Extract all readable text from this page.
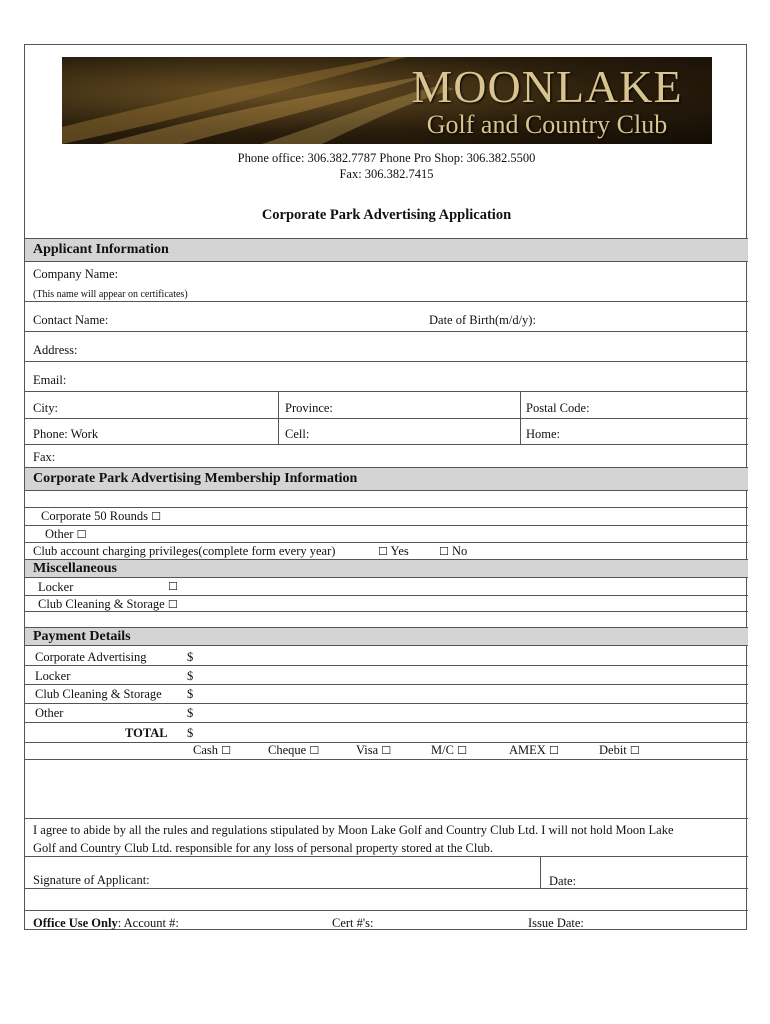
MOONLAKE
Golf and Country Club
Phone office: 306.382.7787 Phone Pro Shop: 306.382.5500
Fax: 306.382.7415
Corporate Park Advertising Application
Applicant Information
Company Name:
(This name will appear on certificates)
Contact Name:	Date of Birth(m/d/y):
Address:
Email:
City:	Province:	Postal Code:
Phone: Work	Cell:	Home:
Fax:
Corporate Park Advertising Membership Information
Corporate 50 Rounds ☐
Other ☐
Club account charging privileges(complete form every year)	☐ Yes	☐ No
Miscellaneous
Locker	☐
Club Cleaning & Storage ☐
Payment Details
Corporate Advertising	$
Locker	$
Club Cleaning & Storage $
Other	$
TOTAL $
Cash ☐	Cheque ☐	Visa ☐	M/C ☐	AMEX ☐	Debit ☐
I agree to abide by all the rules and regulations stipulated by Moon Lake Golf and Country Club Ltd. I will not hold Moon Lake
Golf and Country Club Ltd. responsible for any loss of personal property stored at the Club.
Signature of Applicant:	Date:
Office Use Only: Account #:	Cert #'s:	Issue Date:
